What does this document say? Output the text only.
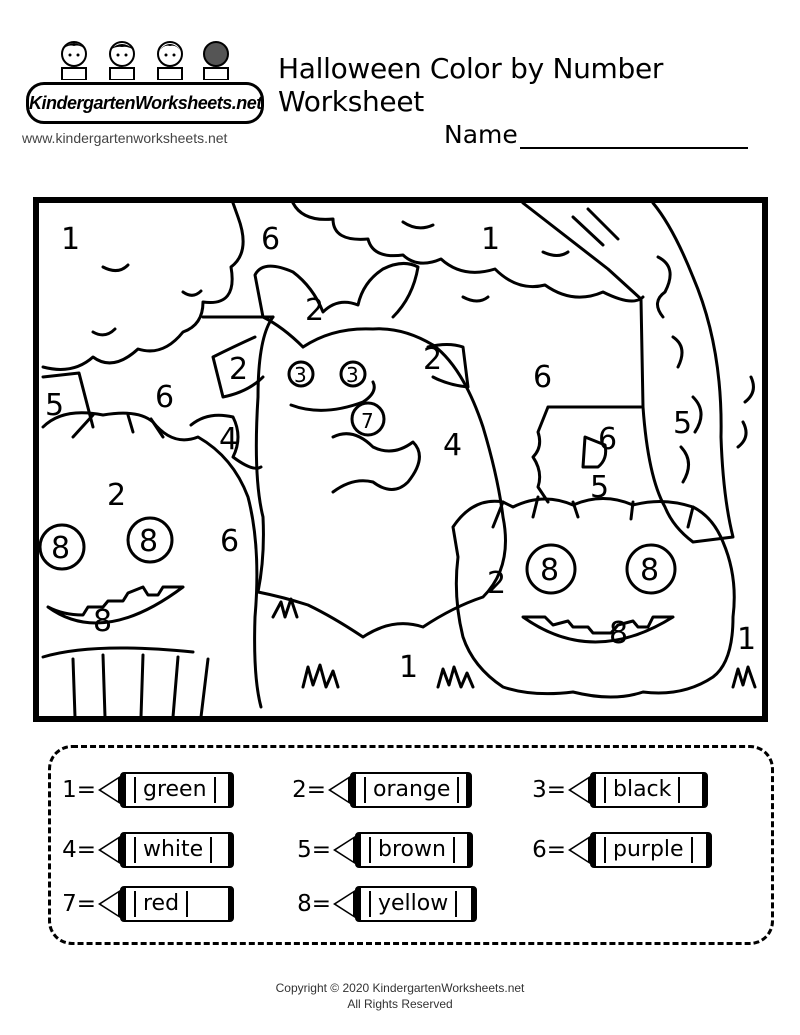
KindergartenWorksheets.net
www.kindergartenworksheets.net
Halloween Color by Number Worksheet
Name
1	6	1
2
2	2
3 3
7
6
5	6
5
4	4	6
5
2
8 8 6
8
2 8	8
8
1
1
1=	green	2=	orange	3=	black
4=	white	5=	brown	6=	purple
7=	red	8=	yellow
Copyright © 2020 KindergartenWorksheets.net
All Rights Reserved
